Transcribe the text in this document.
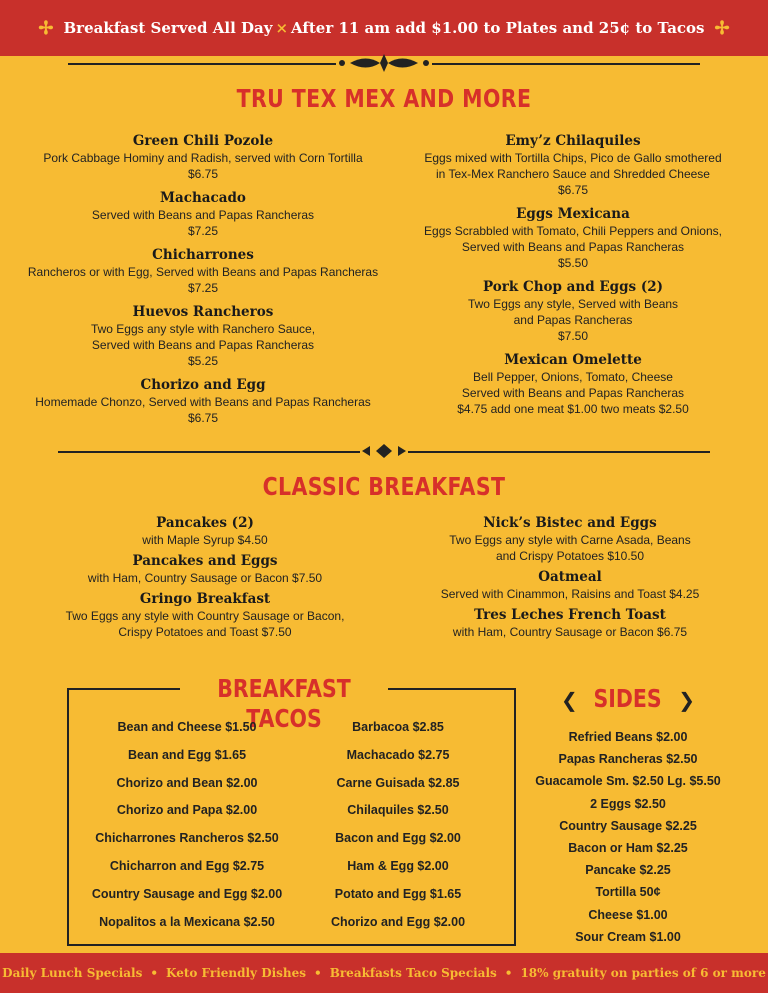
✢ Breakfast Served All Day × After 11 am add $1.00 to Plates and 25¢ to Tacos ✢
TRU TEX MEX AND MORE
Green Chili Pozole
Pork Cabbage Hominy and Radish, served with Corn Tortilla
$6.75
Machacado
Served with Beans and Papas Rancheras
$7.25
Chicharrones
Rancheros or with Egg, Served with Beans and Papas Rancheras
$7.25
Huevos Rancheros
Two Eggs any style with Ranchero Sauce,
Served with Beans and Papas Rancheras
$5.25
Chorizo and Egg
Homemade Chonzo, Served with Beans and Papas Rancheras
$6.75
Emy’z Chilaquiles
Eggs mixed with Tortilla Chips, Pico de Gallo smothered
in Tex-Mex Ranchero Sauce and Shredded Cheese
$6.75
Eggs Mexicana
Eggs Scrabbled with Tomato, Chili Peppers and Onions,
Served with Beans and Papas Rancheras
$5.50
Pork Chop and Eggs (2)
Two Eggs any style, Served with Beans
and Papas Rancheras
$7.50
Mexican Omelette
Bell Pepper, Onions, Tomato, Cheese
Served with Beans and Papas Rancheras
$4.75 add one meat $1.00 two meats $2.50
CLASSIC BREAKFAST
Pancakes (2)
with Maple Syrup $4.50
Pancakes and Eggs
with Ham, Country Sausage or Bacon $7.50
Gringo Breakfast
Two Eggs any style with Country Sausage or Bacon,
Crispy Potatoes and Toast $7.50
Nick’s Bistec and Eggs
Two Eggs any style with Carne Asada, Beans
and Crispy Potatoes $10.50
Oatmeal
Served with Cinammon, Raisins and Toast $4.25
Tres Leches French Toast
with Ham, Country Sausage or Bacon $6.75
BREAKFAST TACOS
Bean and Cheese $1.50
Bean and Egg $1.65
Chorizo and Bean $2.00
Chorizo and Papa $2.00
Chicharrones Rancheros $2.50
Chicharron and Egg $2.75
Country Sausage and Egg $2.00
Nopalitos a la Mexicana $2.50
Barbacoa $2.85
Machacado $2.75
Carne Guisada $2.85
Chilaquiles $2.50
Bacon and Egg $2.00
Ham & Egg $2.00
Potato and Egg $1.65
Chorizo and Egg $2.00
❮ SIDES ❯
Refried Beans $2.00
Papas Rancheras $2.50
Guacamole Sm. $2.50 Lg. $5.50
2 Eggs $2.50
Country Sausage $2.25
Bacon or Ham $2.25
Pancake $2.25
Tortilla 50¢
Cheese $1.00
Sour Cream $1.00
Daily Lunch Specials • Keto Friendly Dishes • Breakfasts Taco Specials • 18% gratuity on parties of 6 or more
